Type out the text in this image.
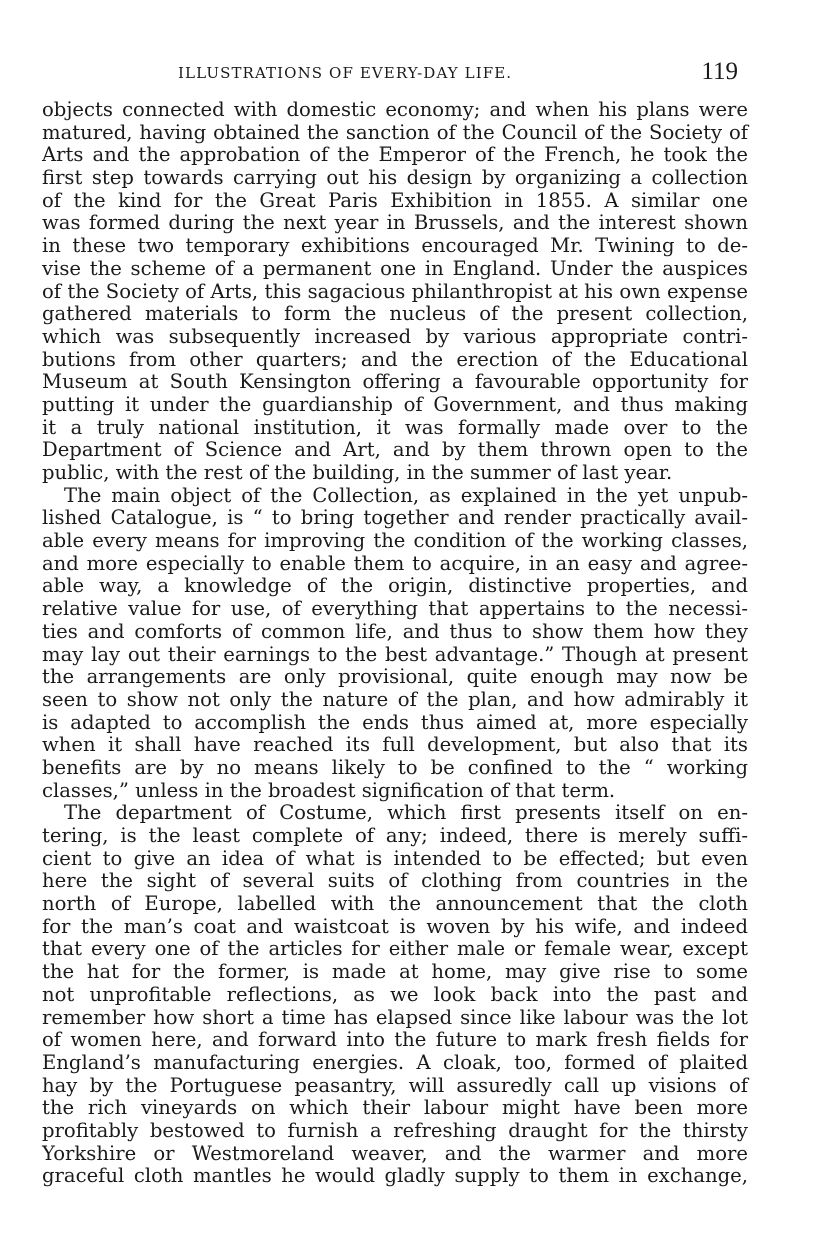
ILLUSTRATIONS OF EVERY-DAY LIFE.	119
objects connected with domestic economy; and when his plans were
matured, having obtained the sanction of the Council of the Society of
Arts and the approbation of the Emperor of the French, he took the
first step towards carrying out his design by organizing a collection
of the kind for the Great Paris Exhibition in 1855. A similar one
was formed during the next year in Brussels, and the interest shown
in these two temporary exhibitions encouraged Mr. Twining to de-
vise the scheme of a permanent one in England. Under the auspices
of the Society of Arts, this sagacious philanthropist at his own expense
gathered materials to form the nucleus of the present collection,
which was subsequently increased by various appropriate contri-
butions from other quarters; and the erection of the Educational
Museum at South Kensington offering a favourable opportunity for
putting it under the guardianship of Government, and thus making
it a truly national institution, it was formally made over to the
Department of Science and Art, and by them thrown open to the
public, with the rest of the building, in the summer of last year.
The main object of the Collection, as explained in the yet unpub-
lished Catalogue, is “ to bring together and render practically avail-
able every means for improving the condition of the working classes,
and more especially to enable them to acquire, in an easy and agree-
able way, a knowledge of the origin, distinctive properties, and
relative value for use, of everything that appertains to the necessi-
ties and comforts of common life, and thus to show them how they
may lay out their earnings to the best advantage.” Though at present
the arrangements are only provisional, quite enough may now be
seen to show not only the nature of the plan, and how admirably it
is adapted to accomplish the ends thus aimed at, more especially
when it shall have reached its full development, but also that its
benefits are by no means likely to be confined to the “ working
classes,” unless in the broadest signification of that term.
The department of Costume, which first presents itself on en-
tering, is the least complete of any; indeed, there is merely suffi-
cient to give an idea of what is intended to be effected; but even
here the sight of several suits of clothing from countries in the
north of Europe, labelled with the announcement that the cloth
for the man’s coat and waistcoat is woven by his wife, and indeed
that every one of the articles for either male or female wear, except
the hat for the former, is made at home, may give rise to some
not unprofitable reflections, as we look back into the past and
remember how short a time has elapsed since like labour was the lot
of women here, and forward into the future to mark fresh fields for
England’s manufacturing energies. A cloak, too, formed of plaited
hay by the Portuguese peasantry, will assuredly call up visions of
the rich vineyards on which their labour might have been more
profitably bestowed to furnish a refreshing draught for the thirsty
Yorkshire or Westmoreland weaver, and the warmer and more
graceful cloth mantles he would gladly supply to them in exchange,
